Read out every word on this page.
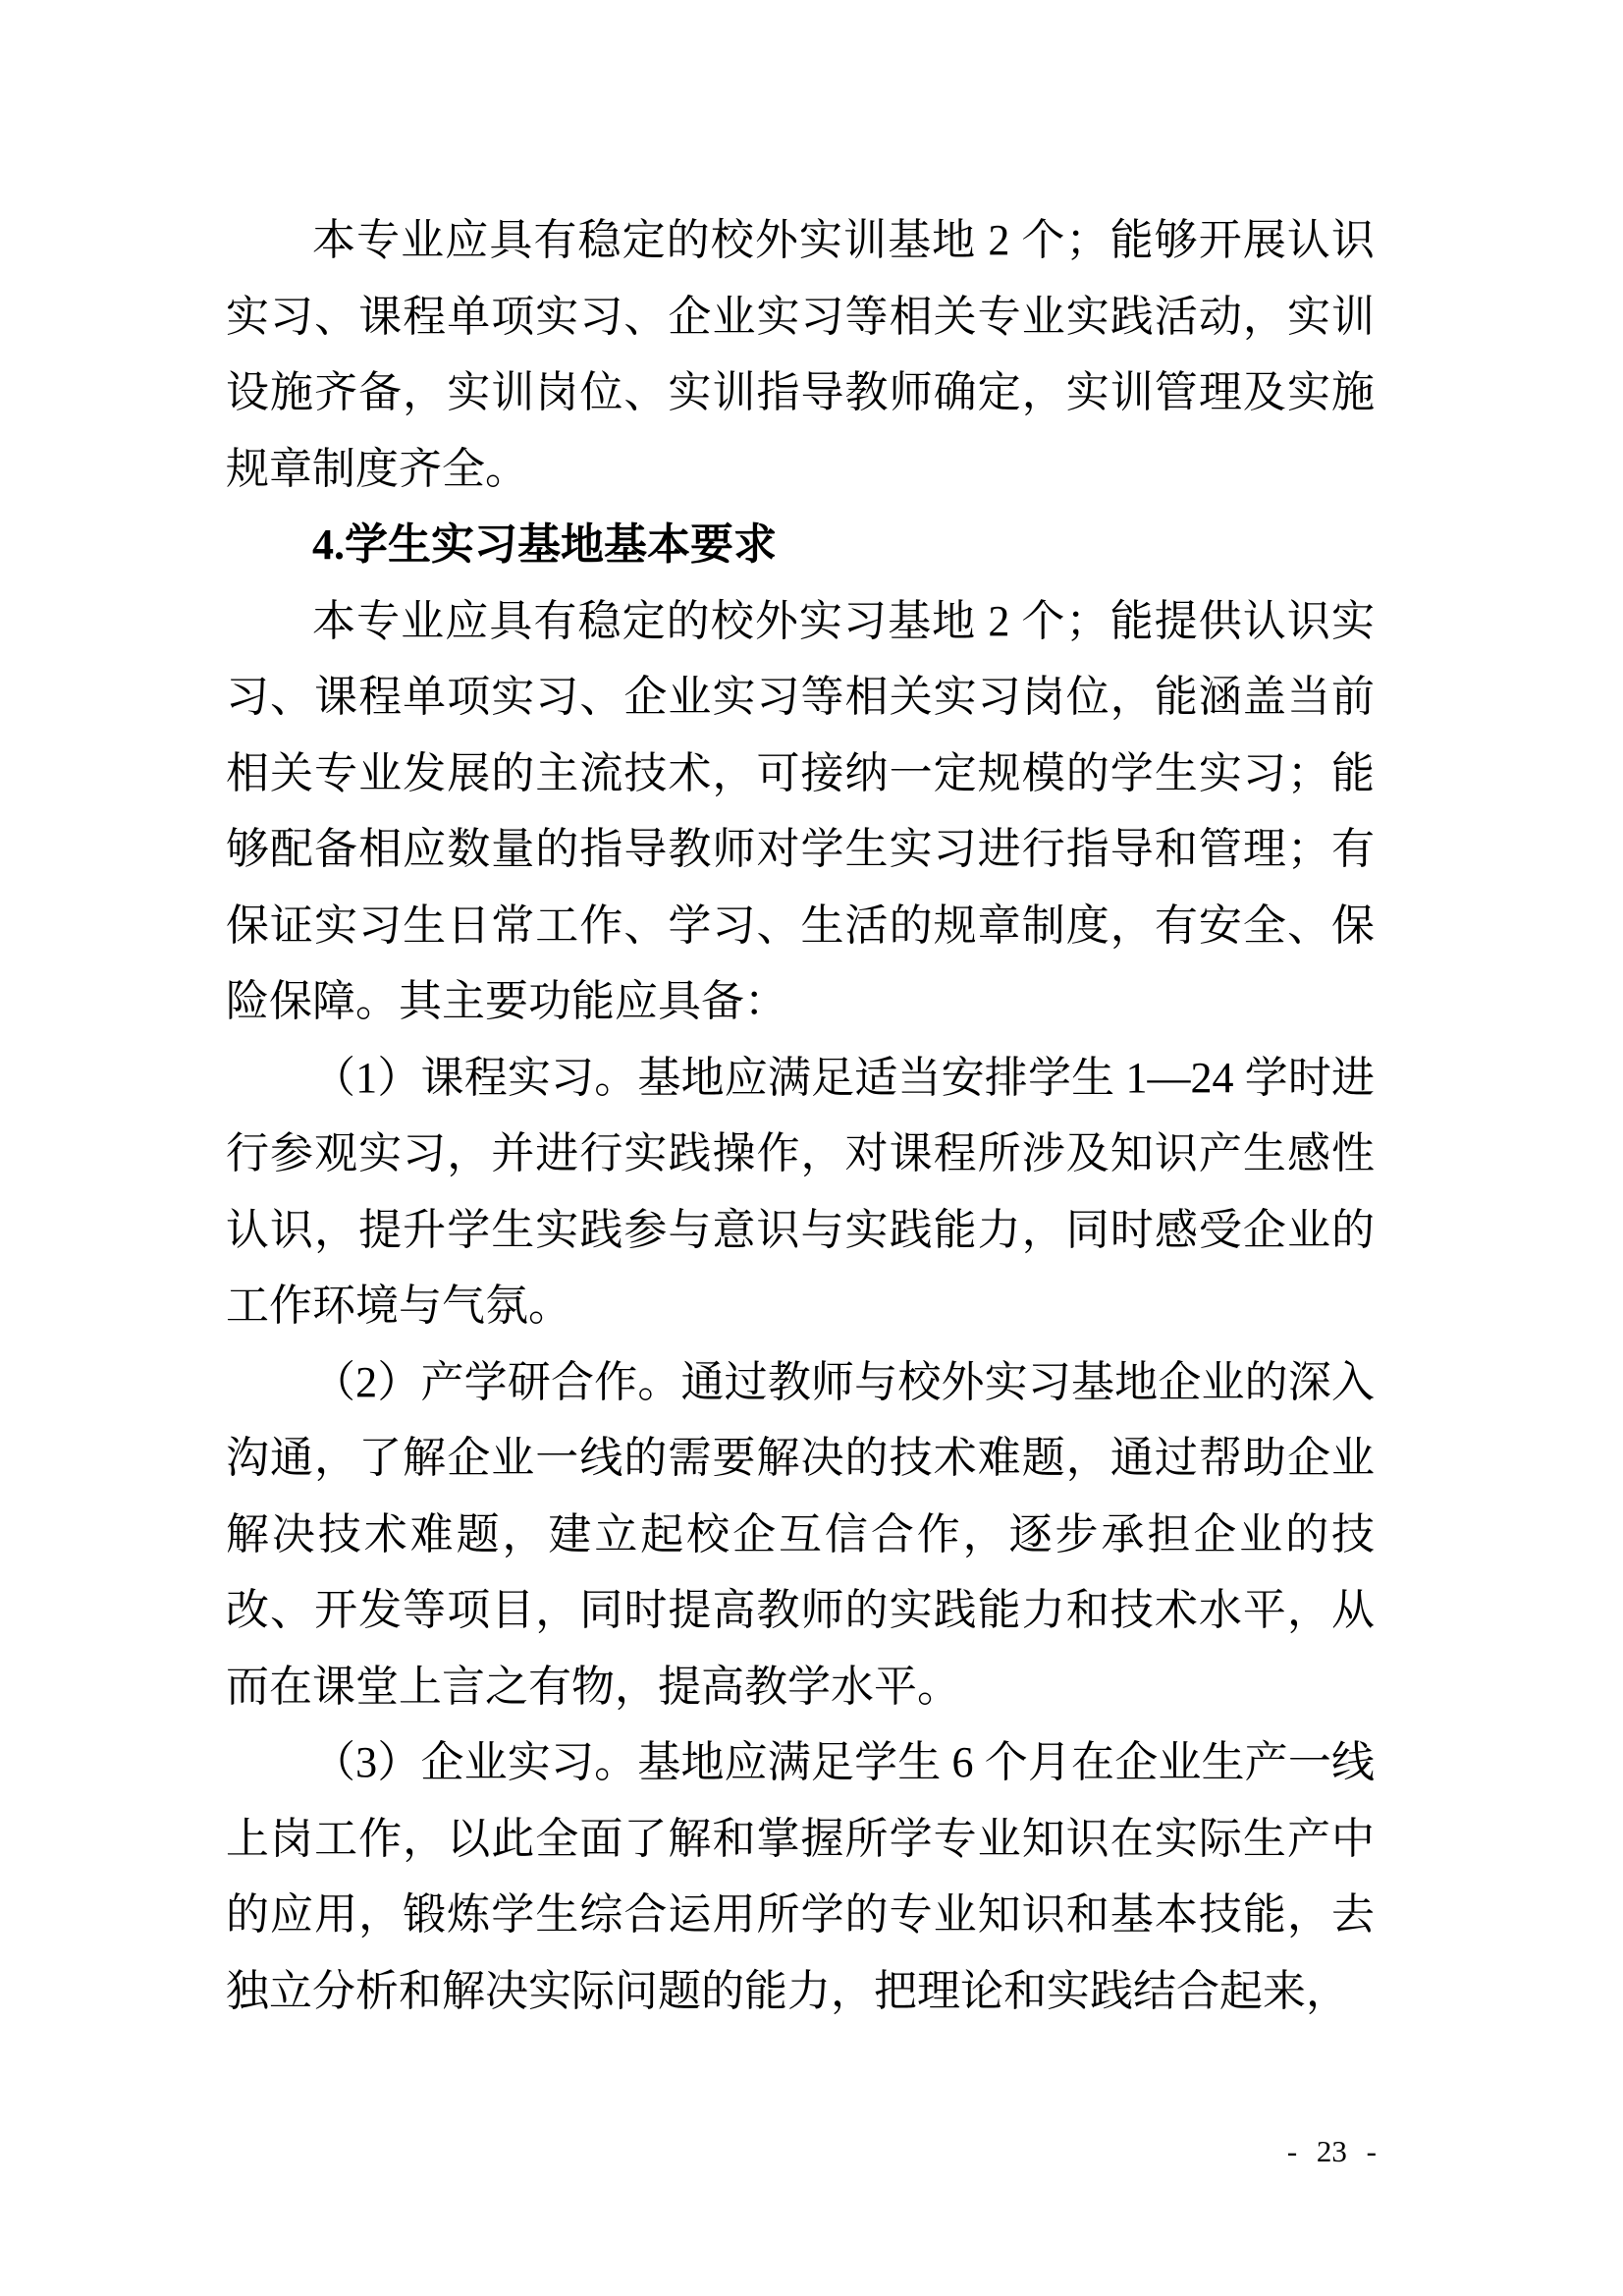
本专业应具有稳定的校外实训基地 2 个；能够开展认识实习、课程单项实习、企业实习等相关专业实践活动，实训设施齐备，实训岗位、实训指导教师确定，实训管理及实施规章制度齐全。

4.学生实习基地基本要求

本专业应具有稳定的校外实习基地 2 个；能提供认识实习、课程单项实习、企业实习等相关实习岗位，能涵盖当前相关专业发展的主流技术，可接纳一定规模的学生实习；能够配备相应数量的指导教师对学生实习进行指导和管理；有保证实习生日常工作、学习、生活的规章制度，有安全、保险保障。其主要功能应具备：

（1）课程实习。基地应满足适当安排学生 1—24 学时进行参观实习，并进行实践操作，对课程所涉及知识产生感性认识，提升学生实践参与意识与实践能力，同时感受企业的工作环境与气氛。

（2）产学研合作。通过教师与校外实习基地企业的深入沟通，了解企业一线的需要解决的技术难题，通过帮助企业解决技术难题，建立起校企互信合作，逐步承担企业的技改、开发等项目，同时提高教师的实践能力和技术水平，从而在课堂上言之有物，提高教学水平。

（3）企业实习。基地应满足学生 6 个月在企业生产一线上岗工作，以此全面了解和掌握所学专业知识在实际生产中的应用，锻炼学生综合运用所学的专业知识和基本技能，去独立分析和解决实际问题的能力，把理论和实践结合起来，

- 23 -
